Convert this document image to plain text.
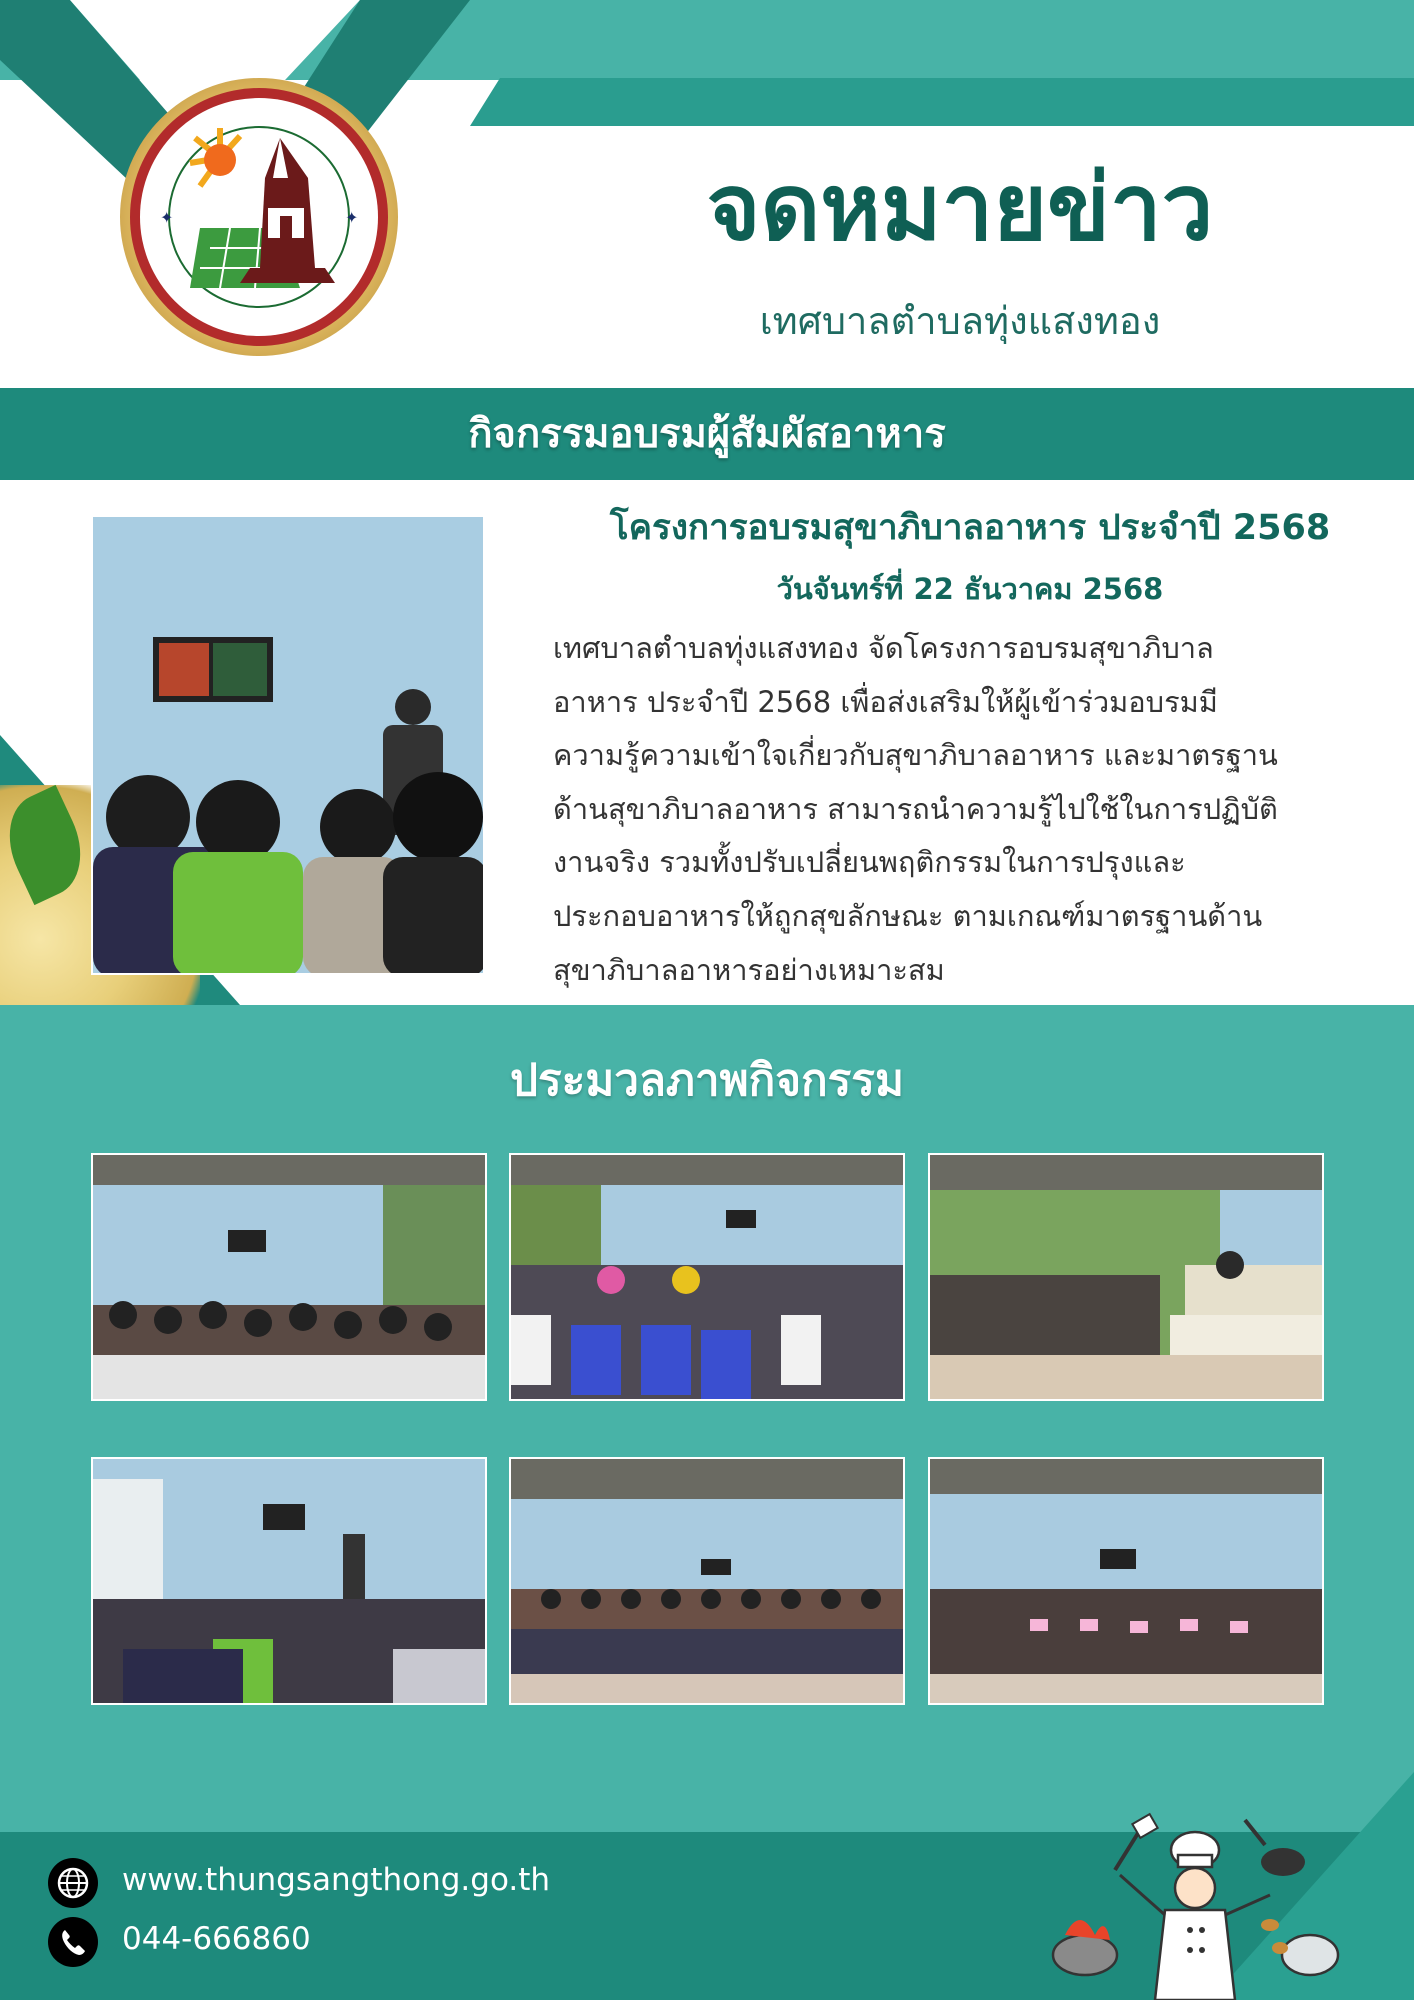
✦	✦	จดหมายข่าว
เทศบาลตำบลทุ่งแสงทอง
กิจกรรมอบรมผู้สัมผัสอาหาร
โครงการอบรมสุขาภิบาลอาหาร ประจำปี 2568
วันจันทร์ที่ 22 ธันวาคม 2568
เทศบาลตำบลทุ่งแสงทอง จัดโครงการอบรมสุขาภิบาล
อาหาร ประจำปี 2568 เพื่อส่งเสริมให้ผู้เข้าร่วมอบรมมี
ความรู้ความเข้าใจเกี่ยวกับสุขาภิบาลอาหาร และมาตรฐาน
ด้านสุขาภิบาลอาหาร สามารถนำความรู้ไปใช้ในการปฏิบัติ
งานจริง รวมทั้งปรับเปลี่ยนพฤติกรรมในการปรุงและ
ประกอบอาหารให้ถูกสุขลักษณะ ตามเกณฑ์มาตรฐานด้าน
สุขาภิบาลอาหารอย่างเหมาะสม
ประมวลภาพกิจกรรม
www.thungsangthong.go.th
044-666860
